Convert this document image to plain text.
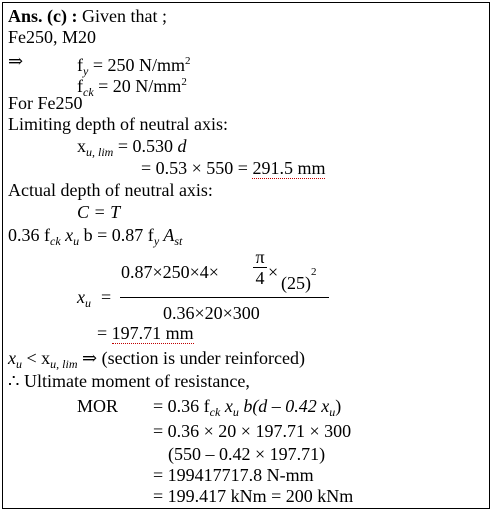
Ans. (c) : Given that ;
Fe250, M20
⇒	$f_y = 250$ $N/mm^2$
$f_{ck} = 20$ $N/mm^2$
For Fe250
Limiting depth of neutral axis:
$x_{u, lim} = 0.530$ d
= 0.53 × 550 = 291.5 mm
Actual depth of neutral axis:
C = T
0.36 $f_{ck}$ $x_u$ b = 0.87 $f_y$ $A_{st}$
0.87×250×4×
π
4 ×
$(25)^2$
$x_u$ =
0.36×20×300
= 197.71 mm
$x_u < x_{u, lim}$ ⇒ (section is under reinforced)
∴ Ultimate moment of resistance,
MOR = 0.36 $f_{ck}$ $x_u$ b(d – 0.42 $x_u$)
= 0.36 × 20 × 197.71 × 300
(550 – 0.42 × 197.71)
= 199417717.8 N-mm
= 199.417 kNm = 200 kNm
